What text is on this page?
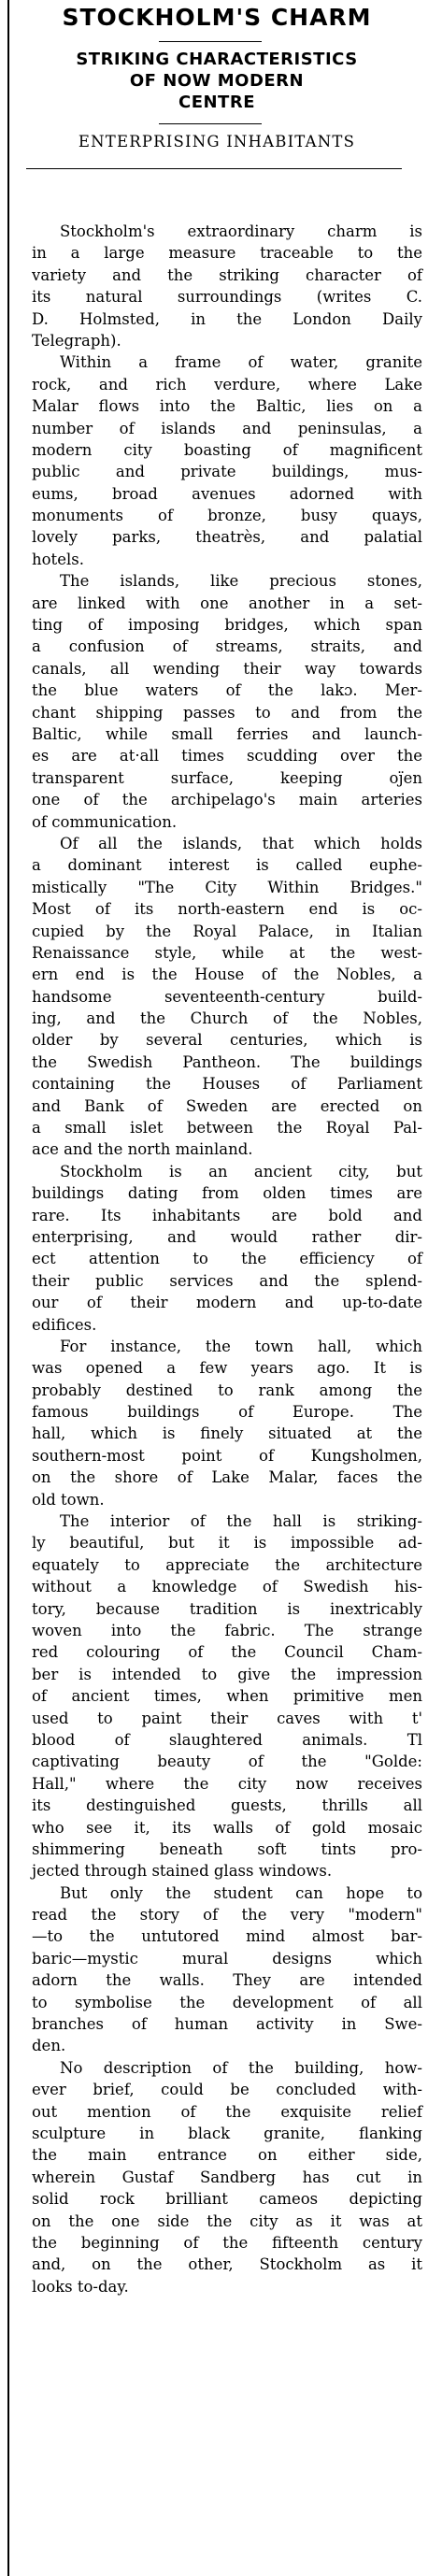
STOCKHOLM'S CHARM
STRIKING CHARACTERISTICS
OF NOW MODERN
CENTRE
ENTERPRISING INHABITANTS
Stockholm's extraordinary charm is
in a large measure traceable to the
variety and the striking character of
its natural surroundings (writes C.
D. Holmsted, in the London Daily
Telegraph).
Within a frame of water, granite
rock, and rich verdure, where Lake
Malar flows into the Baltic, lies on a
number of islands and peninsulas, a
modern city boasting of magnificent
public and private buildings, mus-
eums, broad avenues adorned with
monuments of bronze, busy quays,
lovely parks, theatrès, and palatial
hotels.
The islands, like precious stones,
are linked with one another in a set-
ting of imposing bridges, which span
a confusion of streams, straits, and
canals, all wending their way towards
the blue waters of the lakɔ. Mer-
chant shipping passes to and from the
Baltic, while small ferries and launch-
es are at·all times scudding over the
transparent surface, keeping oȷ̈en
one of the archipelago's main arteries
of communication.
Of all the islands, that which holds
a dominant interest is called euphe-
mistically "The City Within Bridges."
Most of its north-eastern end is oc-
cupied by the Royal Palace, in Italian
Renaissance style, while at the west-
ern end is the House of the Nobles, a
handsome seventeenth-century build-
ing, and the Church of the Nobles,
older by several centuries, which is
the Swedish Pantheon. The buildings
containing the Houses of Parliament
and Bank of Sweden are erected on
a small islet between the Royal Pal-
ace and the north mainland.
Stockholm is an ancient city, but
buildings dating from olden times are
rare. Its inhabitants are bold and
enterprising, and would rather dir-
ect attention to the efficiency of
their public services and the splend-
our of their modern and up-to-date
edifices.
For instance, the town hall, which
was opened a few years ago. It is
probably destined to rank among the
famous buildings of Europe. The
hall, which is finely situated at the
southern-most point of Kungsholmen,
on the shore of Lake Malar, faces the
old town.
The interior of the hall is striking-
ly beautiful, but it is impossible ad-
equately to appreciate the architecture
without a knowledge of Swedish his-
tory, because tradition is inextricably
woven into the fabric. The strange
red colouring of the Council Cham-
ber is intended to give the impression
of ancient times, when primitive men
used to paint their caves with t'
blood of slaughtered animals. Tl
captivating beauty of the "Golde:
Hall," where the city now receives
its destinguished guests, thrills all
who see it, its walls of gold mosaic
shimmering beneath soft tints pro-
jected through stained glass windows.
But only the student can hope to
read the story of the very "modern"
—to the untutored mind almost bar-
baric—mystic mural designs which
adorn the walls. They are intended
to symbolise the development of all
branches of human activity in Swe-
den.
No description of the building, how-
ever brief, could be concluded with-
out mention of the exquisite relief
sculpture in black granite, flanking
the main entrance on either side,
wherein Gustaf Sandberg has cut in
solid rock brilliant cameos depicting
on the one side the city as it was at
the beginning of the fifteenth century
and, on the other, Stockholm as it
looks to-day.
